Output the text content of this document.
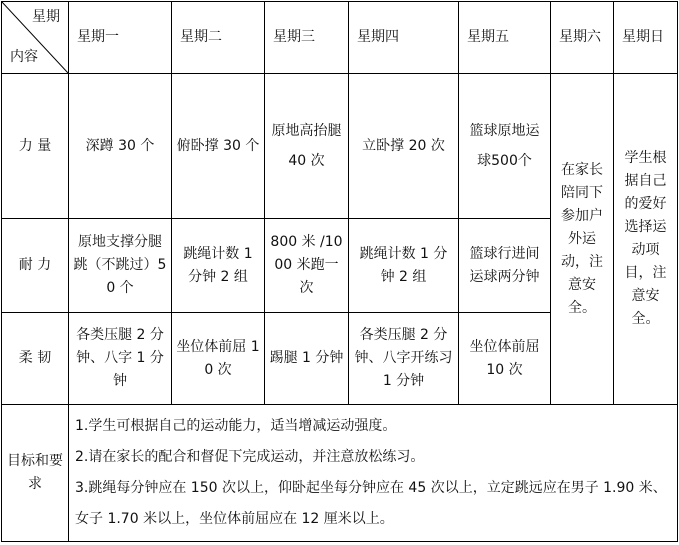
星期
内容	星期一	星期二	星期三	星期四	星期五	星期六	星期日
力 量	深蹲 30 个	俯卧撑 30 个	原地高抬腿 40 次	立卧撑 20 次	篮球原地运球500个	在家长陪同下参加户外运动，注意安全。	学生根据自己的爱好选择运动项目，注意安全。
耐 力	原地支撑分腿跳（不跳过）50 个	跳绳计数 1 分钟 2 组	800 米 /1000 米跑一次	跳绳计数 1 分钟 2 组	篮球行进间运球两分钟		
柔 韧	各类压腿 2 分钟、八字 1 分钟	坐位体前屈 10 次	踢腿 1 分钟	各类压腿 2 分钟、八字开练习 1 分钟	坐位体前屈 10 次		
目标和要求	1.学生可根据自己的运动能力，适当增减运动强度。
2.请在家长的配合和督促下完成运动，并注意放松练习。
3.跳绳每分钟应在 150 次以上，仰卧起坐每分钟应在 45 次以上，立定跳远应在男子 1.90 米、女子 1.70 米以上，坐位体前屈应在 12 厘米以上。						
